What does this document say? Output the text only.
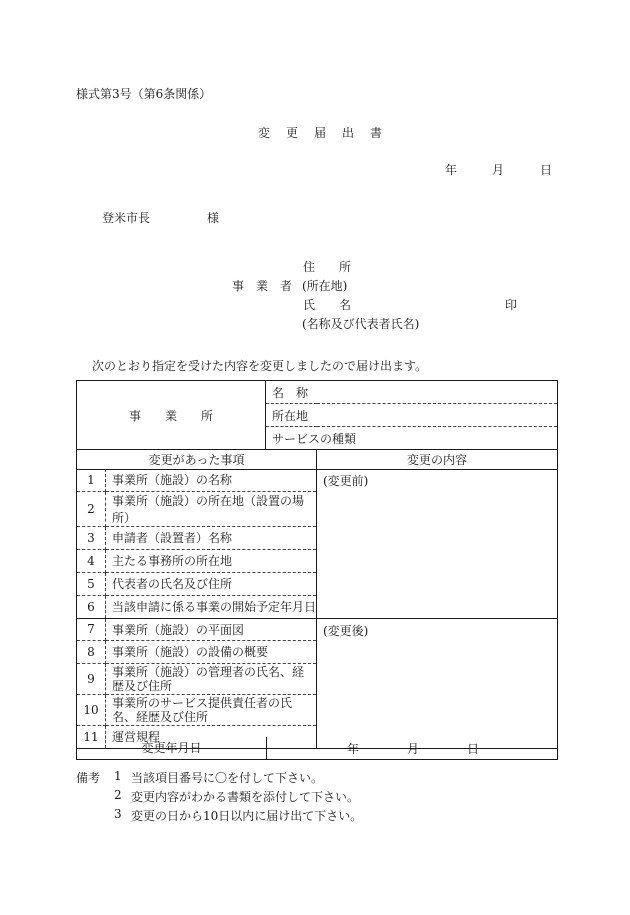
様式第3号（第6条関係）
変　更　届　出　書
年	月	日
登米市長	様
住　　所
事　業　者 (所在地)
氏　　名	印
(名称及び代表者氏名)
次のとおり指定を受けた内容を変更しましたので届け出ます。
事　　業　　所	名　称	
	所在地	
	サービスの種類	
変更があった事項		変更の内容
1	事業所（施設）の名称	(変更前)
2	事業所（施設）の所在地（設置の場所）	
3	申請者（設置者）名称	
4	主たる事務所の所在地	
5	代表者の氏名及び住所	
6	当該申請に係る事業の開始予定年月日	
7	事業所（施設）の平面図	(変更後)
8	事業所（施設）の設備の概要	
9	事業所（施設）の管理者の氏名、経歴及び住所	
10	事業所のサービス提供責任者の氏名、経歴及び住所	
11	運営規程	
変更年月日	年	月	日
備考 1 当該項目番号に〇を付して下さい。
2 変更内容がわかる書類を添付して下さい。
3 変更の日から10日以内に届け出て下さい。
